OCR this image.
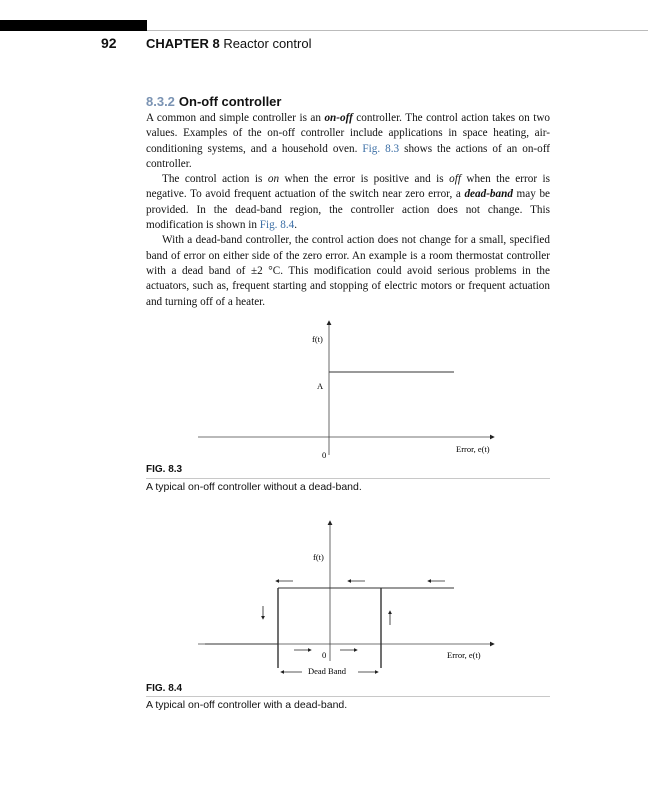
92 CHAPTER 8 Reactor control
8.3.2 On-off controller

A common and simple controller is an on-off controller. The control action takes on two values. Examples of the on-off controller include applications in space heating, air-conditioning systems, and a household oven. Fig. 8.3 shows the actions of an on-off controller.

The control action is on when the error is positive and is off when the error is negative. To avoid frequent actuation of the switch near zero error, a dead-band may be provided. In the dead-band region, the controller action does not change. This modification is shown in Fig. 8.4.

With a dead-band controller, the control action does not change for a small, specified band of error on either side of the zero error. An example is a room thermostat controller with a dead band of ±2 °C. This modification could avoid serious problems in the actuators, such as, frequent starting and stopping of electric motors or frequent actuation and turning off of a heater.

f(t)
A
0
Error, e(t)
FIG. 8.3
A typical on-off controller without a dead-band.
f(t)
0	Error, e(t)
Dead Band
FIG. 8.4
A typical on-off controller with a dead-band.
